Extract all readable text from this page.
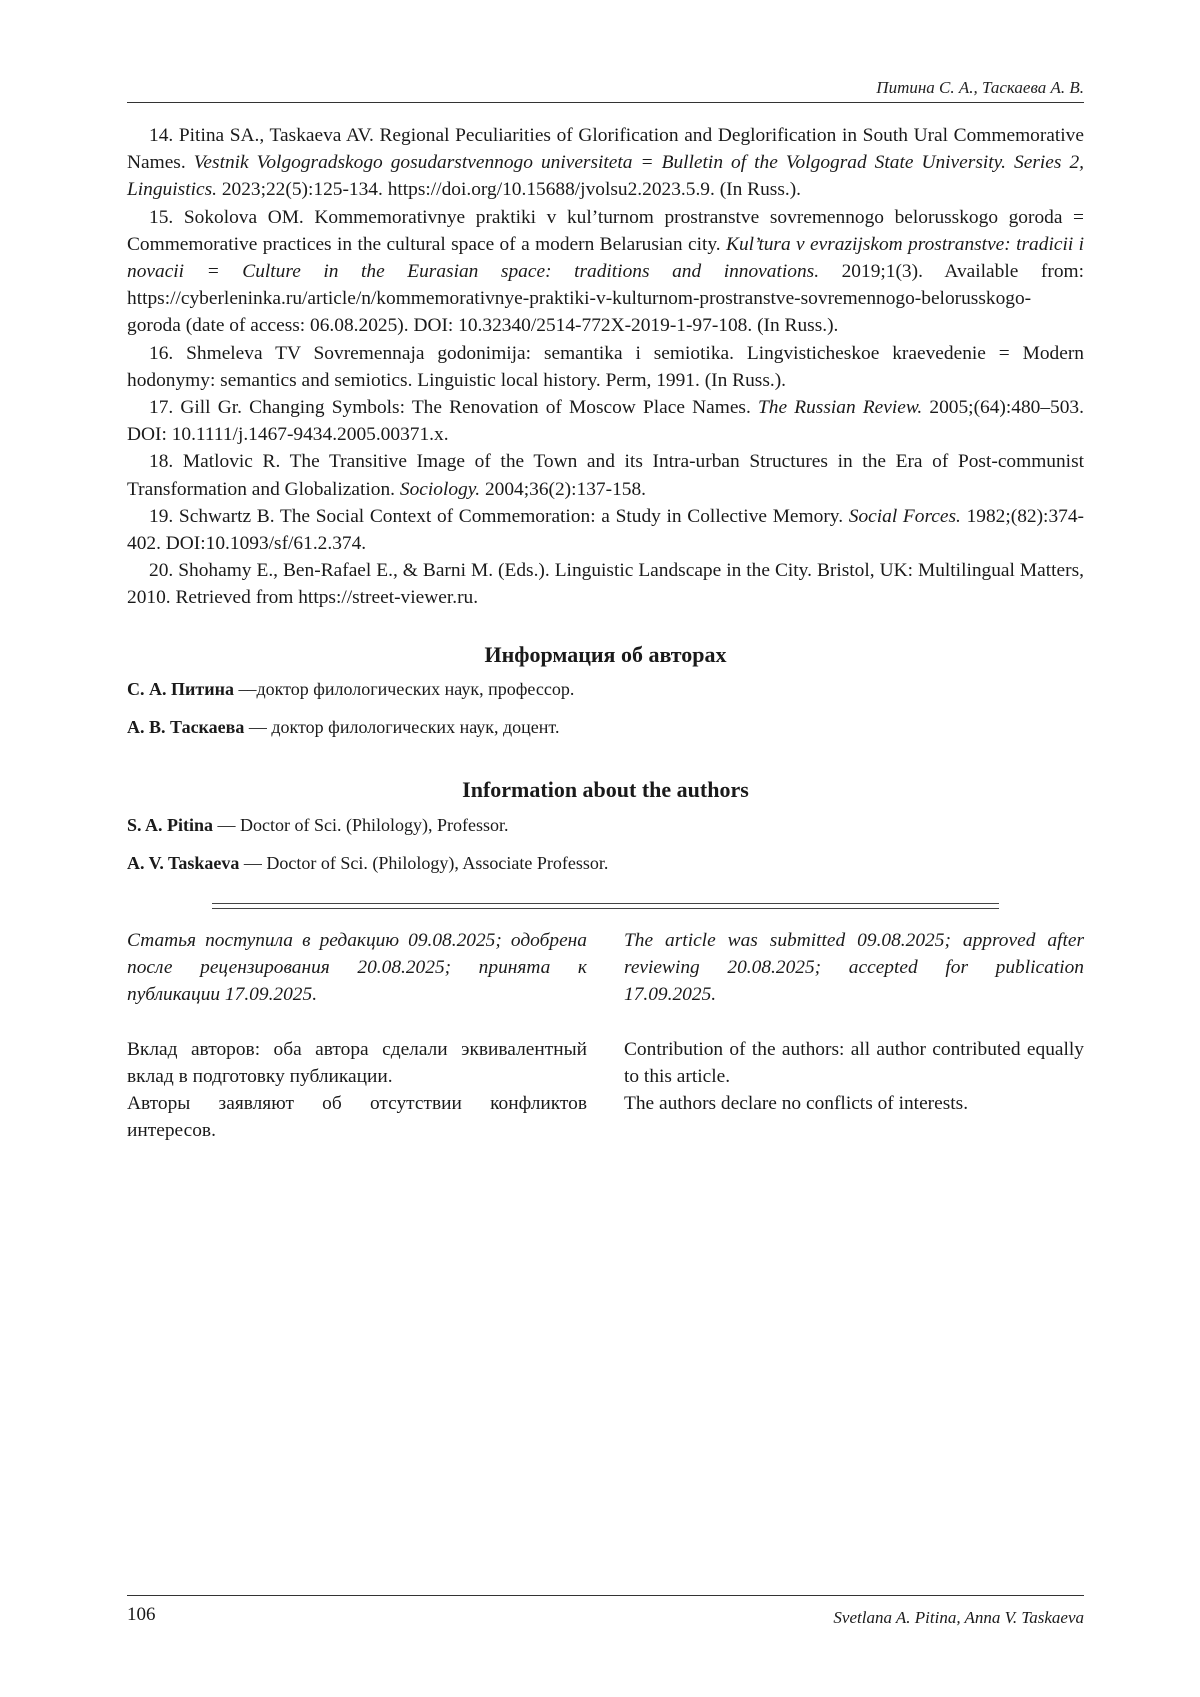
Питина С. А., Таскаева А. В.

14. Pitina SA., Taskaeva AV. Regional Peculiarities of Glorification and Deglorification in South Ural Commemorative Names. Vestnik Volgogradskogo gosudarstvennogo universiteta = Bulletin of the Volgograd State University. Series 2, Linguistics. 2023;22(5):125-134. https://doi.org/10.15688/jvolsu2.2023.5.9. (In Russ.).

15. Sokolova OM. Kommemorativnye praktiki v kul’turnom prostranstve sovremennogo belorusskogo goroda = Commemorative practices in the cultural space of a modern Belarusian city. Kul’tura v evrazijskom prostranstve: tradicii i novacii = Culture in the Eurasian space: traditions and innovations. 2019;1(3). Available from: https://cyberleninka.ru/article/n/kommemorativnye-praktiki-v-kulturnom-prostranstve-sovremennogo-belorusskogo-goroda (date of access: 06.08.2025). DOI: 10.32340/2514-772X-2019-1-97-108. (In Russ.).

16. Shmeleva TV Sovremennaja godonimija: semantika i semiotika. Lingvisticheskoe kraevedenie = Modern hodonymy: semantics and semiotics. Linguistic local history. Perm, 1991. (In Russ.).

17. Gill Gr. Changing Symbols: The Renovation of Moscow Place Names. The Russian Review. 2005;(64):480–503. DOI: 10.1111/j.1467-9434.2005.00371.x.

18. Matlovic R. The Transitive Image of the Town and its Intra-urban Structures in the Era of Post-communist Transformation and Globalization. Sociology. 2004;36(2):137-158.

19. Schwartz B. The Social Context of Commemoration: a Study in Collective Memory. Social Forces. 1982;(82):374-402. DOI:10.1093/sf/61.2.374.

20. Shohamy E., Ben-Rafael E., & Barni M. (Eds.). Linguistic Landscape in the City. Bristol, UK: Multilingual Matters, 2010. Retrieved from https://street-viewer.ru.

Информация об авторах
С. А. Питина ––доктор филологических наук, профессор.
А. В. Таскаева — доктор филологических наук, доцент.
Information about the authors
S. A. Pitina — Doctor of Sci. (Philology), Professor.
A. V. Taskaeva — Doctor of Sci. (Philology), Associate Professor.

Статья поступила в редакцию 09.08.2025; одобрена после рецензирования 20.08.2025; принята к публикации 17.09.2025.

Вклад авторов: оба автора сделали эквивалентный вклад в подготовку публикации.

Авторы заявляют об отсутствии конфликтов интересов.

The article was submitted 09.08.2025; approved after reviewing 20.08.2025; accepted for publication 17.09.2025.

Contribution of the authors: all author contributed equally to this article.

The authors declare no conflicts of interests.

106	Svetlana A. Pitina, Anna V. Taskaeva
